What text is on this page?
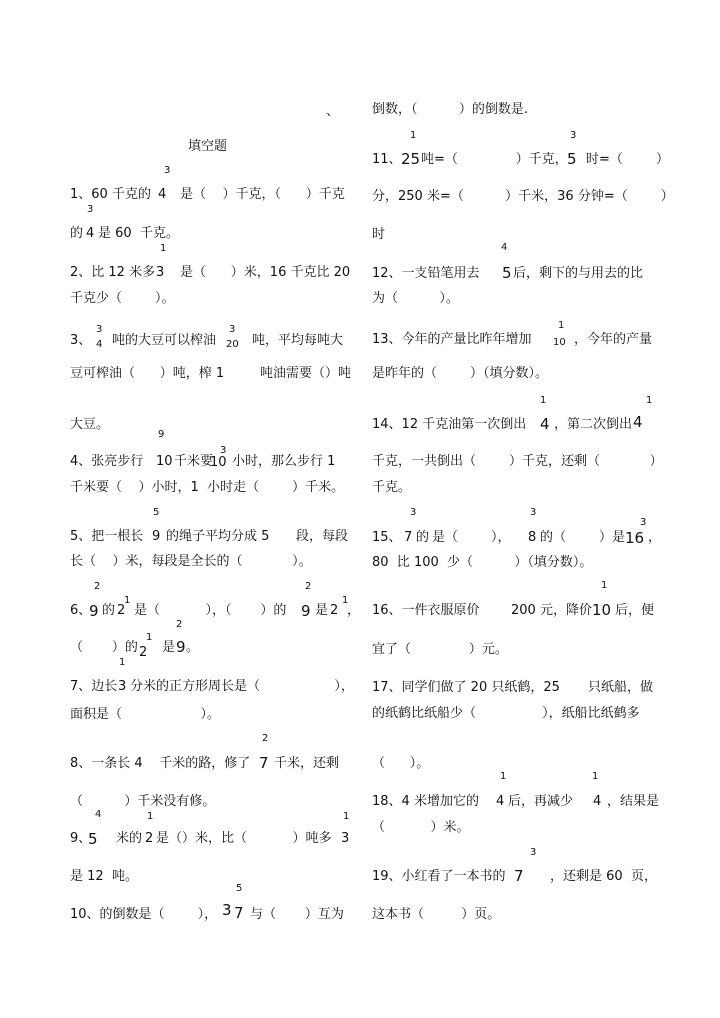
、
填空题
1、60 千克的
3
4 是（    ）千克，（      ）千克
的
3
4 是 60  千克。
2、比 12 米多
1
3 是（      ）米，16 千克比 20
千克少（        ）。
3、
3
4 吨的大豆可以榨油
3
20 吨，平均每吨大
豆可榨油（      ）吨，榨 1	吨油需要（）吨
大豆。
4、张亮步行
9
10 千米要
3
10 小时，那么步行 1
千米要（    ）小时，1  小时走（        ）千米。
5、把一根长
5
9 的绳子平均分成 5 段，每段
长（    ）米，每段是全长的（            ）。
6、
2
9 的
1
2 是（           ），（       ）的
2
9 是
1
2 ，
（       ）的
1
2 是
2
9 。
7、边长
1
3 分米的正方形周长是（                  ），
面积是（                   ）。
8、一条长 4    千米的路，修了
2
7 千米，还剩
（          ）千米没有修。
9、
4
5 米的
1
2 是（）米，比（           ）吨多
1
3
是 12  吨。
10、的倒数是（        ）， 3
5
7 与（       ）互为
倒数，（          ）的倒数是.
11、
1
25 吨=（              ）千克，
3
5 时=（        ）
分，250 米=（          ）千米，36 分钟=（        ）
时
12、一支铅笔用去
4
5 后，剩下的与用去的比
为（          ）。
13、今年的产量比昨年增加
1
10 ，今年的产量
是昨年的（        ）（填分数）。
14、12 千克油第一次倒出
1
4 ，第二次倒出
1
4
千克，一共倒出（        ）千克，还剩（            ）
千克。
15、
3
7 的 是（        ），
3
8 的（        ）是 16
3
，
80  比 100  少（          ）（填分数）。
16、一件衣服原价 200 元，降价
1
10 后，便
宜了（              ）元。
17、同学们做了 20 只纸鹤，25 只纸船，做
的纸鹤比纸船少（                ），纸船比纸鹤多
（      ）。
18、4 米增加它的
1
4 后，再减少
1
4 ，结果是
（           ）米。
19、小红看了一本书的
3
7 ，还剩是 60  页，
这本书（         ）页。
